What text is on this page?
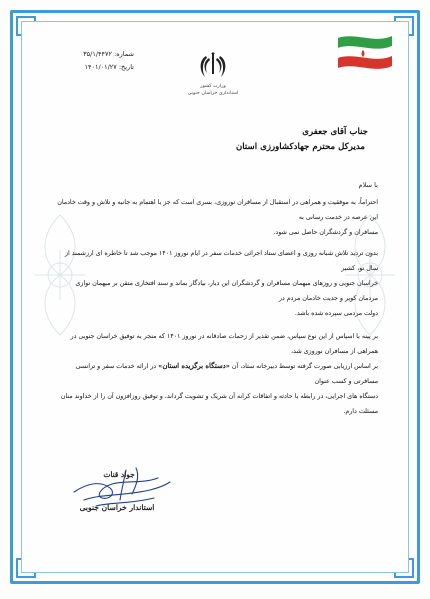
وزارت کشور
استانداری خراسان جنوبی
شماره: ۳۵/۱/۴۴۷۲
تاریخ: ۱۴۰۱/۰۱/۲۷
جناب آقای جعفری
مدیرکل محترم جهادکشاورزی استان

با سلام

احتراماً، به موفقیت و همراهی در استقبال از مسافران نوروزی، بسری است که جز با اهتمام به جانبه و تلاش و وقت خادمان این عرصه در خدمت رسانی به

مسافران و گردشگران حاصل نمی شود.

بدون تردید تلاش شبانه روزی و اعضای ستاد اجرائی خدمات سفر در ایام نوروز ۱۴۰۱ موجب شد تا خاطره ای ارزشمند از سال نو، کشیر

خراسان جنوبی و روزهای میهمان مسافران و گردشگران این دیار، بیادگار بماند و سند افتخاری متقن بر میهمان نوازی مردمان کویر و جدیت خادمان مردم در

دولت مردمی سپرده شده باشد.

بر پینه با اسپاس از این نوع سپاس، ضمن تقدیر از زحمات صادقانه در نوروز ۱۴۰۱ که منجر به توفیق خراسان جنوبی در همراهی از مسافران نوروزی شد،

بر اساس ارزیابی صورت گرفته توسط دبیرخانه ستاد، آن «دستگاه برگزیده استان» در ارائه خدمات سفر و ترانسی مسافرتی و کسب عنوان

دستگاه های اجرایی، در رابطه با حادثه و اتفاقات کرانه آن شریک و تشویت گرداند، و توفیق روزافزون آن را از خداوند منان مسئلت دارم.

جواد قنات
استاندار خراسان جنوبی
